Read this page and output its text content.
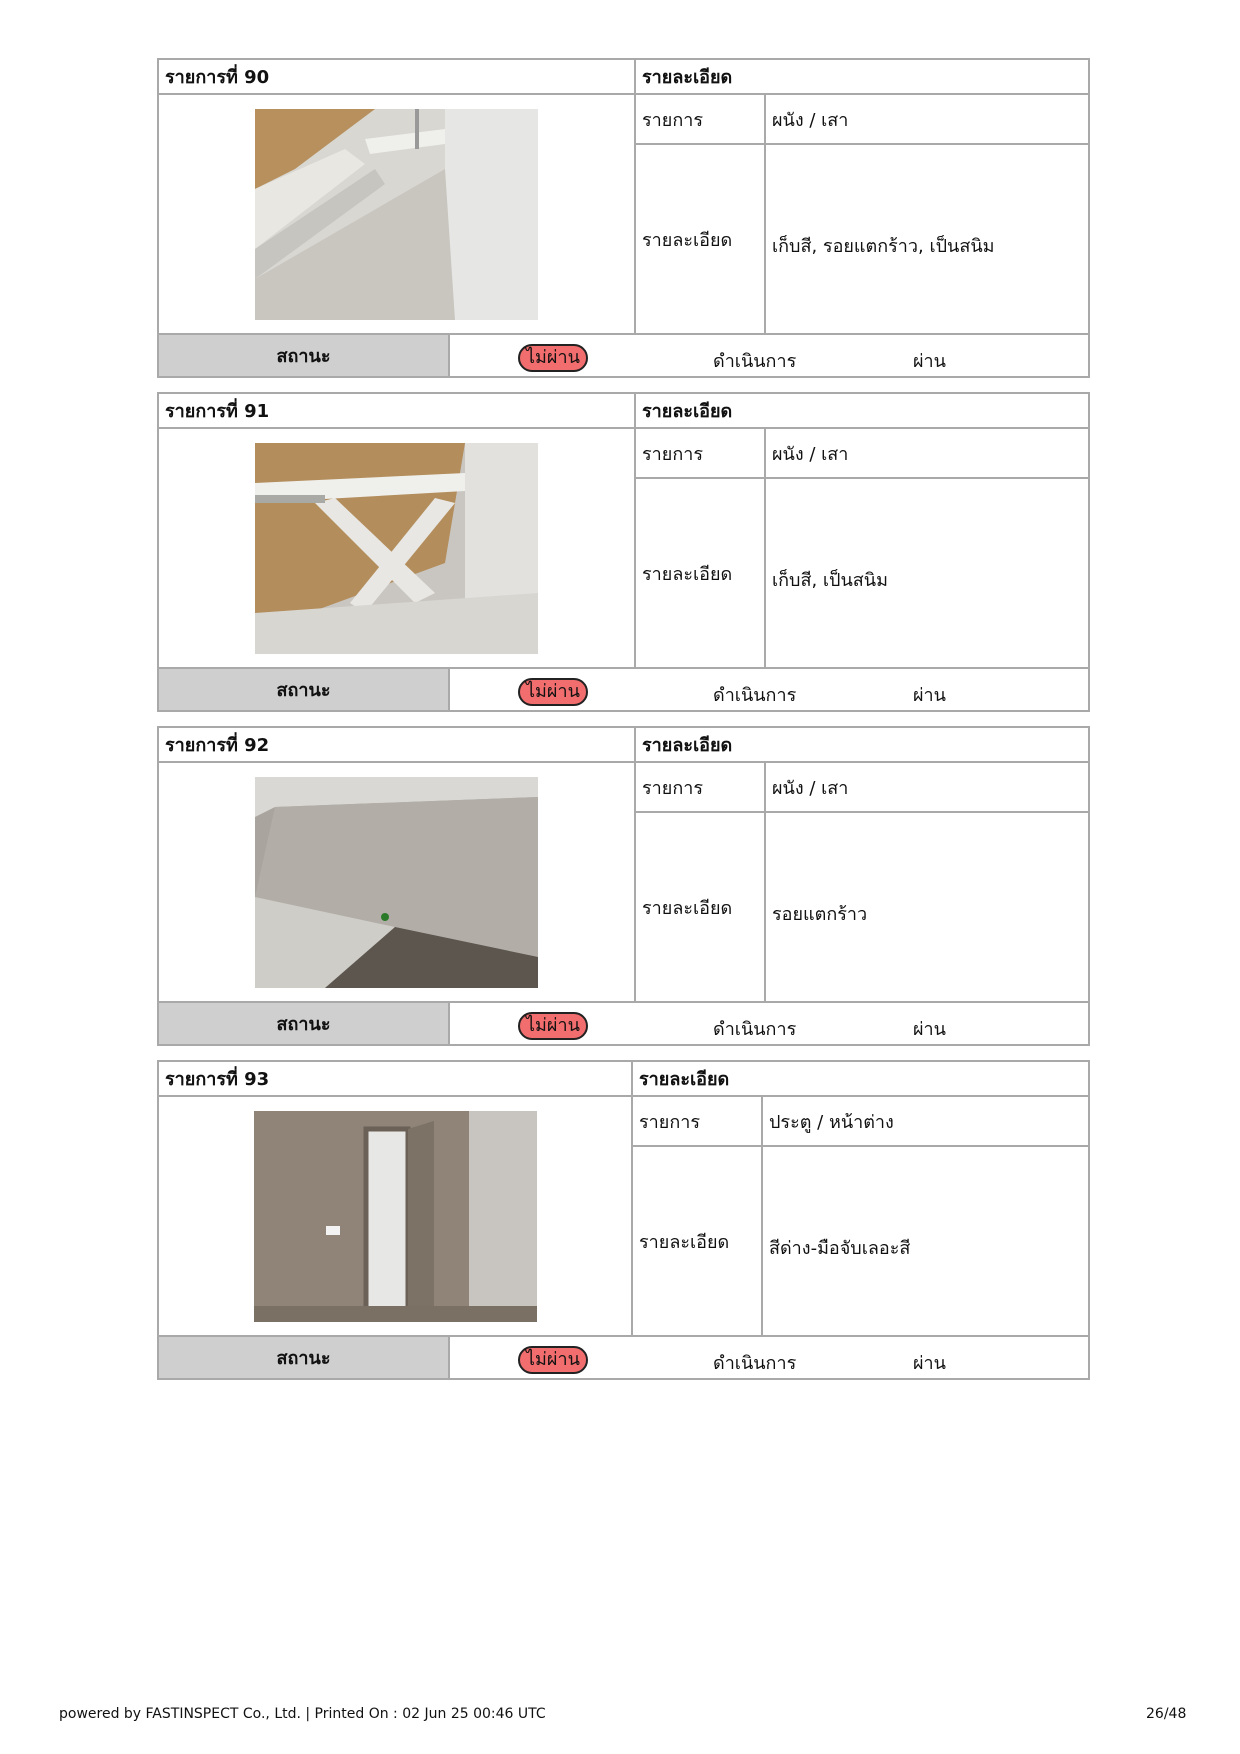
รายการที่ 90		รายละเอียด	

	รายการ	ผนัง / เสา
		รายละเอียด	เก็บสี, รอยแตกร้าว, เป็นสนิม
สถานะ	ไม่ผ่าน ดำเนินการ ผ่าน		
รายการที่ 91		รายละเอียด	

	รายการ	ผนัง / เสา
		รายละเอียด	เก็บสี, เป็นสนิม
สถานะ	ไม่ผ่าน ดำเนินการ ผ่าน		
รายการที่ 92		รายละเอียด	

	รายการ	ผนัง / เสา
		รายละเอียด	รอยแตกร้าว
สถานะ	ไม่ผ่าน ดำเนินการ ผ่าน		
รายการที่ 93		รายละเอียด	

	รายการ	ประตู / หน้าต่าง
		รายละเอียด	สีด่าง-มือจับเลอะสี
สถานะ	ไม่ผ่าน ดำเนินการ ผ่าน		
powered by FASTINSPECT Co., Ltd. | Printed On : 02 Jun 25 00:46 UTC	26/48
